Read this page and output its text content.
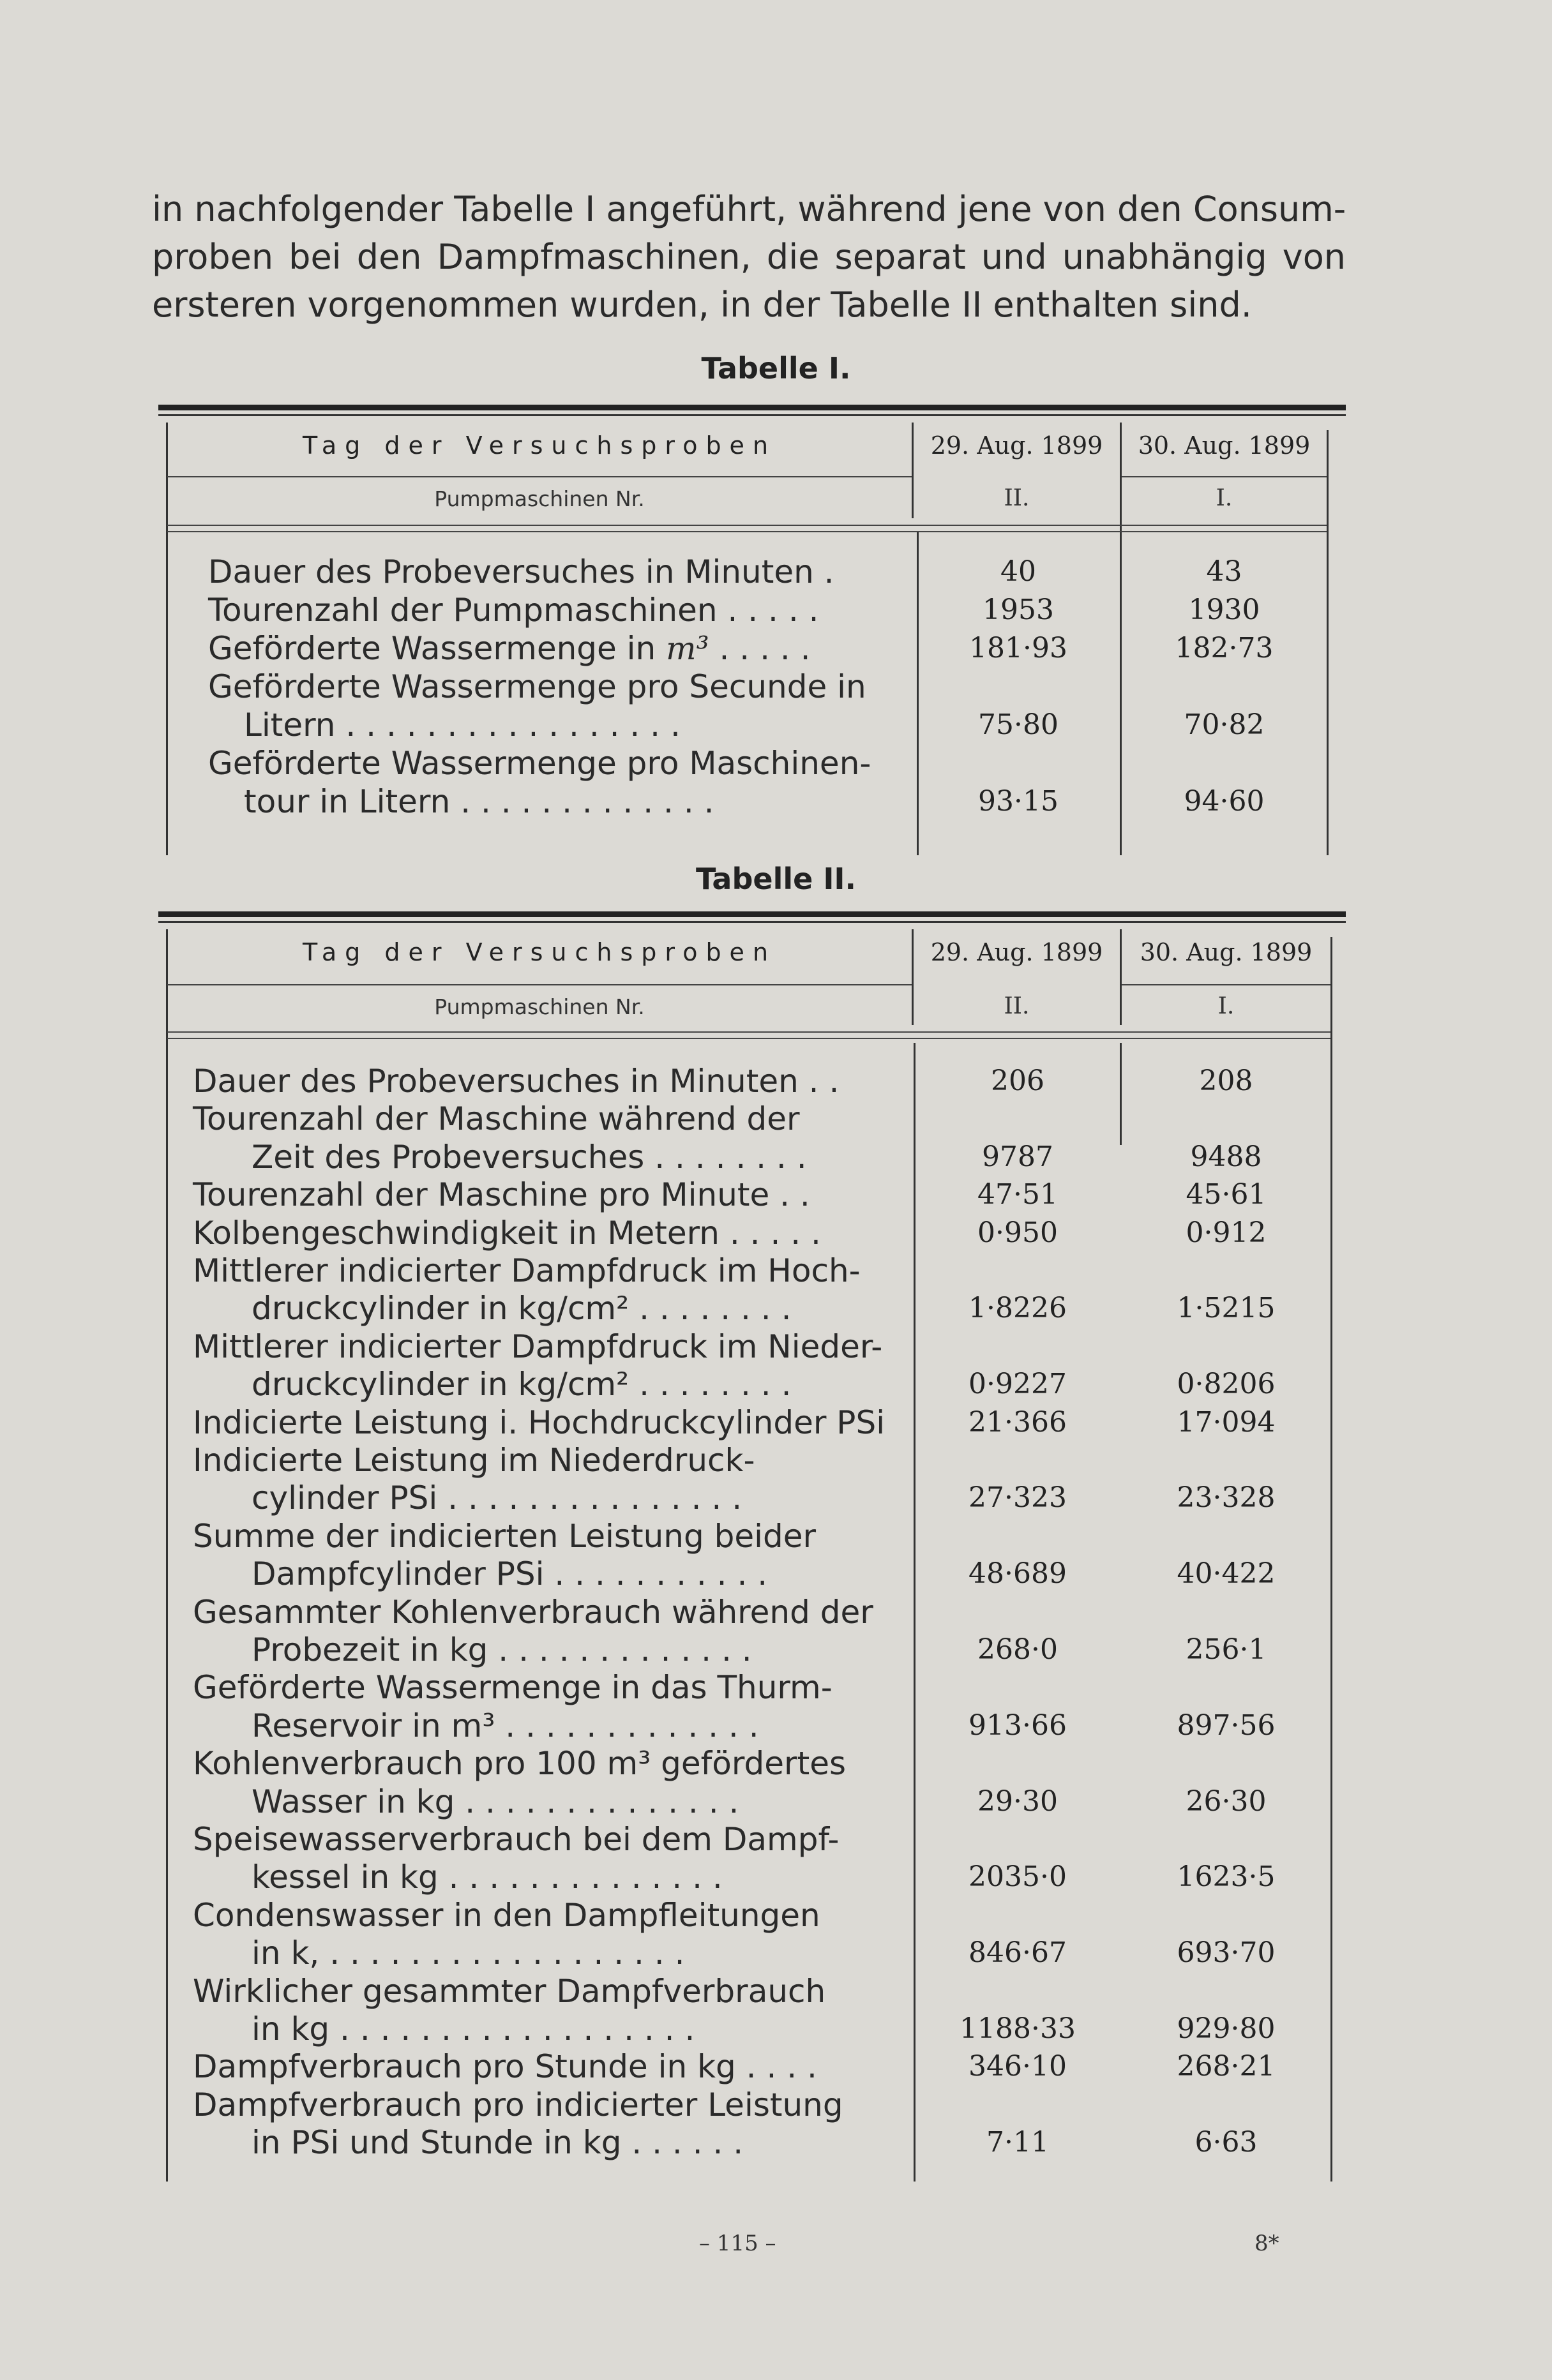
in nachfolgender Tabelle I angeführt, während jene von den Consum-
proben bei den Dampfmaschinen, die separat und unabhängig von
ersteren vorgenommen wurden, in der Tabelle II enthalten sind.
Tabelle I.
Tag der Versuchsproben	29. Aug. 1899	30. Aug. 1899
Pumpmaschinen Nr.	II.	I.
Dauer des Probeversuches in Minuten .	40	43
Tourenzahl der Pumpmaschinen . . . . .	1953	1930
Geförderte Wassermenge in m³ . . . . .	181·93	182·73
Geförderte Wassermenge pro Secunde in
Litern . . . . . . . . . . . . . . . . .	75·80	70·82
Geförderte Wassermenge pro Maschinen-
tour in Litern . . . . . . . . . . . . .	93·15	94·60
Tabelle II.
Tag der Versuchsproben	29. Aug. 1899	30. Aug. 1899
Pumpmaschinen Nr.	II.	I.
Dauer des Probeversuches in Minuten . .	206	208
Tourenzahl der Maschine während der
Zeit des Probeversuches . . . . . . . .	9787	9488
Tourenzahl der Maschine pro Minute . .	47·51	45·61
Kolbengeschwindigkeit in Metern . . . . .	0·950	0·912
Mittlerer indicierter Dampfdruck im Hoch-
druckcylinder in kg/cm² . . . . . . . .	1·8226	1·5215
Mittlerer indicierter Dampfdruck im Nieder-
druckcylinder in kg/cm² . . . . . . . .	0·9227	0·8206
Indicierte Leistung i. Hochdruckcylinder PSi	21·366	17·094
Indicierte Leistung im Niederdruck-
cylinder PSi . . . . . . . . . . . . . . .	27·323	23·328
Summe der indicierten Leistung beider
Dampfcylinder PSi . . . . . . . . . . .	48·689	40·422
Gesammter Kohlenverbrauch während der
Probezeit in kg . . . . . . . . . . . . .	268·0	256·1
Geförderte Wassermenge in das Thurm-
Reservoir in m³ . . . . . . . . . . . . .	913·66	897·56
Kohlenverbrauch pro 100 m³ gefördertes
Wasser in kg . . . . . . . . . . . . . .	29·30	26·30
Speisewasserverbrauch bei dem Dampf-
kessel in kg . . . . . . . . . . . . . .	2035·0	1623·5
Condenswasser in den Dampfleitungen
in k, . . . . . . . . . . . . . . . . . .	846·67	693·70
Wirklicher gesammter Dampfverbrauch
in kg . . . . . . . . . . . . . . . . . .	1188·33	929·80
Dampfverbrauch pro Stunde in kg . . . .	346·10	268·21
Dampfverbrauch pro indicierter Leistung
in PSi und Stunde in kg . . . . . .	7·11	6·63
– 115 –	8*
